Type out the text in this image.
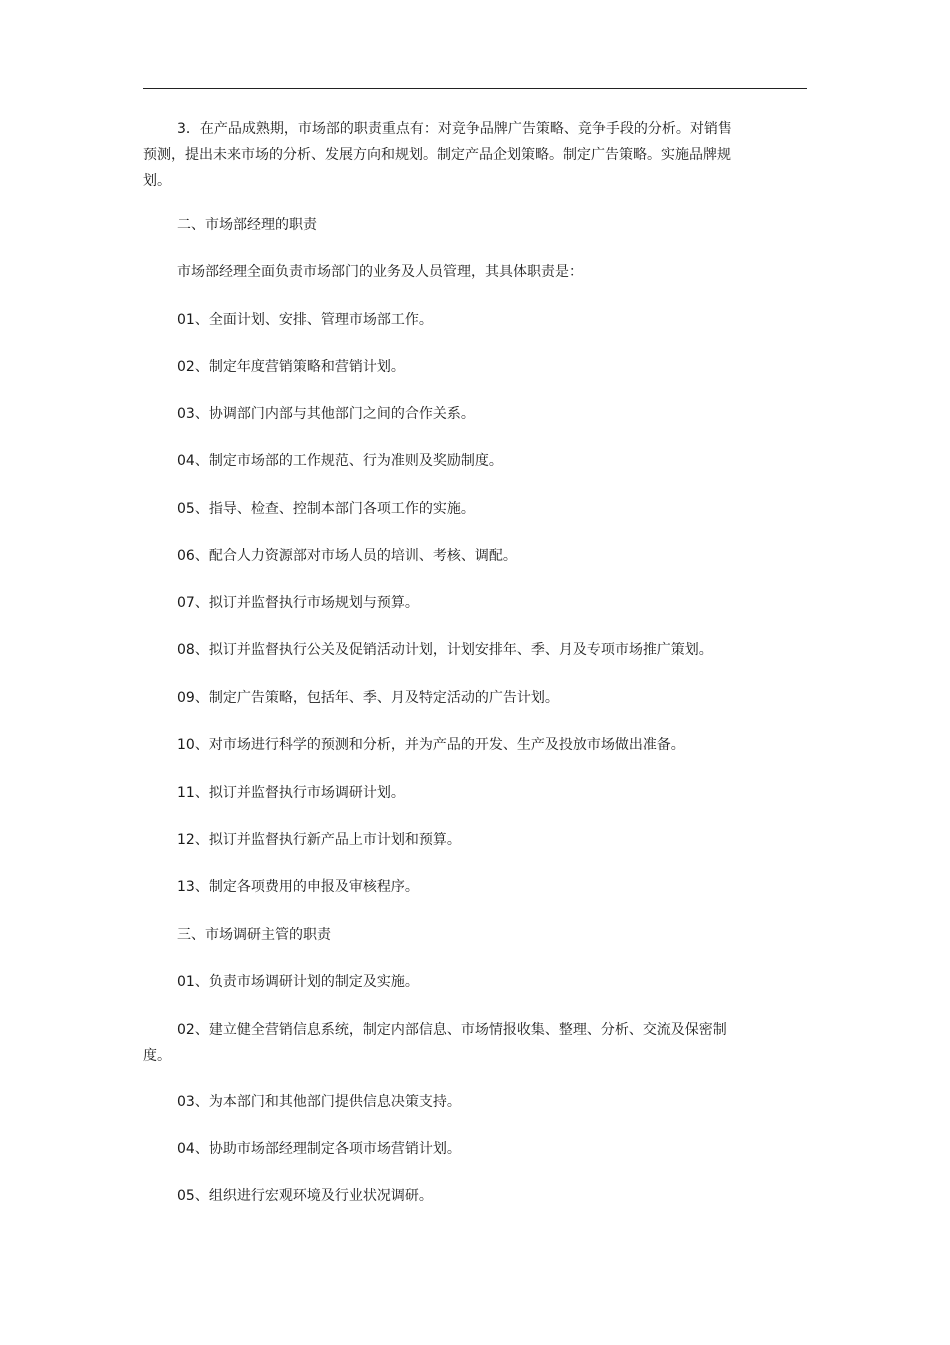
3．在产品成熟期，市场部的职责重点有：对竞争品牌广告策略、竞争手段的分析。对销售预测，提出未来市场的分析、发展方向和规划。制定产品企划策略。制定广告策略。实施品牌规划。

二、市场部经理的职责

市场部经理全面负责市场部门的业务及人员管理，其具体职责是：

01、全面计划、安排、管理市场部工作。

02、制定年度营销策略和营销计划。

03、协调部门内部与其他部门之间的合作关系。

04、制定市场部的工作规范、行为准则及奖励制度。

05、指导、检查、控制本部门各项工作的实施。

06、配合人力资源部对市场人员的培训、考核、调配。

07、拟订并监督执行市场规划与预算。

08、拟订并监督执行公关及促销活动计划，计划安排年、季、月及专项市场推广策划。

09、制定广告策略，包括年、季、月及特定活动的广告计划。

10、对市场进行科学的预测和分析，并为产品的开发、生产及投放市场做出准备。

11、拟订并监督执行市场调研计划。

12、拟订并监督执行新产品上市计划和预算。

13、制定各项费用的申报及审核程序。

三、市场调研主管的职责

01、负责市场调研计划的制定及实施。

02、建立健全营销信息系统，制定内部信息、市场情报收集、整理、分析、交流及保密制度。

03、为本部门和其他部门提供信息决策支持。

04、协助市场部经理制定各项市场营销计划。

05、组织进行宏观环境及行业状况调研。
